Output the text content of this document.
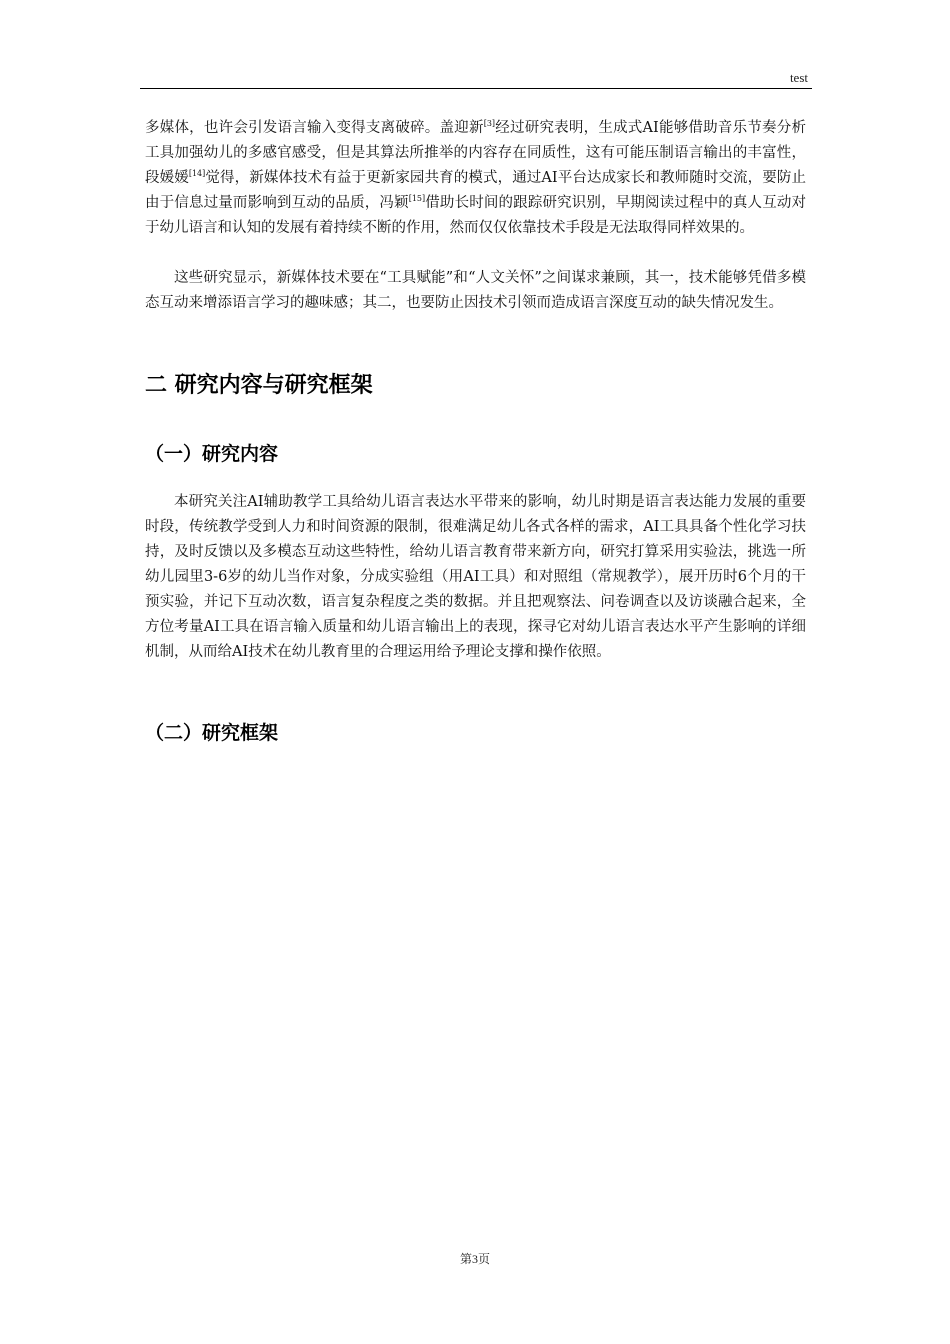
test

多媒体，也许会引发语言输入变得支离破碎。盖迎新[3]经过研究表明，生成式AI能够借助音乐节奏分析工具加强幼儿的多感官感受，但是其算法所推举的内容存在同质性，这有可能压制语言输出的丰富性，段媛媛[14]觉得，新媒体技术有益于更新家园共育的模式，通过AI平台达成家长和教师随时交流，要防止由于信息过量而影响到互动的品质，冯颖[15]借助长时间的跟踪研究识别，早期阅读过程中的真人互动对于幼儿语言和认知的发展有着持续不断的作用，然而仅仅依靠技术手段是无法取得同样效果的。

这些研究显示，新媒体技术要在“工具赋能”和“人文关怀”之间谋求兼顾，其一，技术能够凭借多模态互动来增添语言学习的趣味感；其二，也要防止因技术引领而造成语言深度互动的缺失情况发生。

二 研究内容与研究框架
（一）研究内容

本研究关注AI辅助教学工具给幼儿语言表达水平带来的影响，幼儿时期是语言表达能力发展的重要时段，传统教学受到人力和时间资源的限制，很难满足幼儿各式各样的需求，AI工具具备个性化学习扶持，及时反馈以及多模态互动这些特性，给幼儿语言教育带来新方向，研究打算采用实验法，挑选一所幼儿园里3-6岁的幼儿当作对象，分成实验组（用AI工具）和对照组（常规教学），展开历时6个月的干预实验，并记下互动次数，语言复杂程度之类的数据。并且把观察法、问卷调查以及访谈融合起来，全方位考量AI工具在语言输入质量和幼儿语言输出上的表现，探寻它对幼儿语言表达水平产生影响的详细机制，从而给AI技术在幼儿教育里的合理运用给予理论支撑和操作依照。

（二）研究框架
第3页
